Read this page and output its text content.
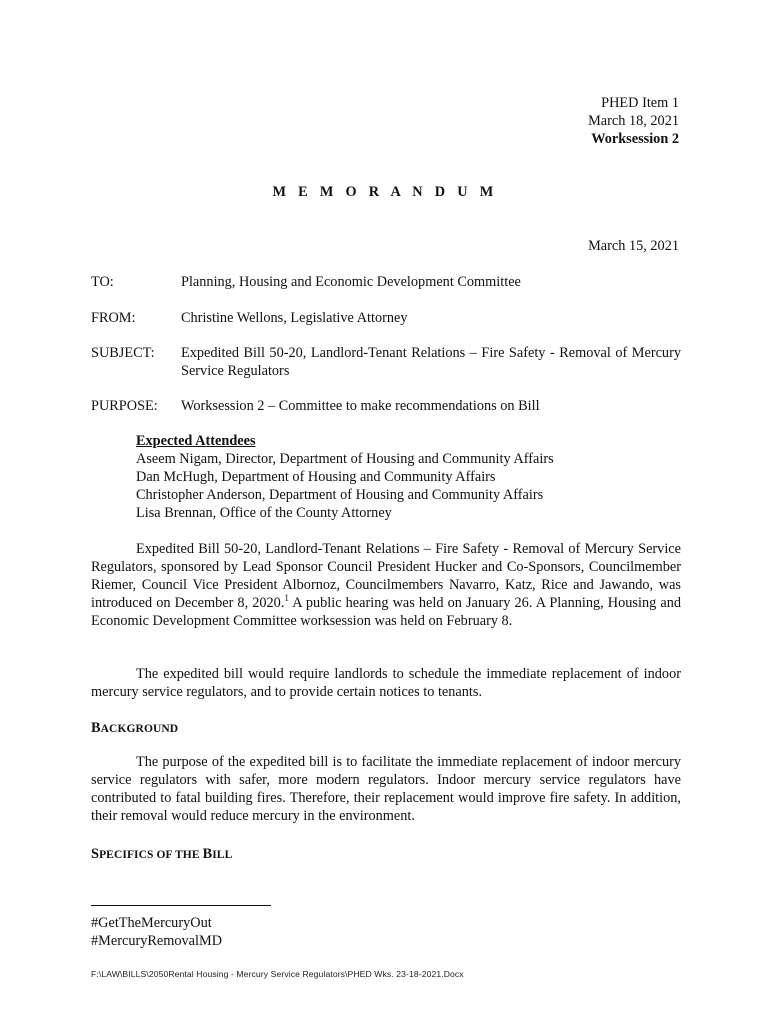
PHED Item 1
March 18, 2021
Worksession 2
M E M O R A N D U M
March 15, 2021
TO:	Planning, Housing and Economic Development Committee
FROM:	Christine Wellons, Legislative Attorney
SUBJECT: Expedited Bill 50-20, Landlord-Tenant Relations – Fire Safety - Removal of Mercury Service Regulators
PURPOSE: Worksession 2 – Committee to make recommendations on Bill
Expected Attendees
Aseem Nigam, Director, Department of Housing and Community Affairs
Dan McHugh, Department of Housing and Community Affairs
Christopher Anderson, Department of Housing and Community Affairs
Lisa Brennan, Office of the County Attorney
Expedited Bill 50-20, Landlord-Tenant Relations – Fire Safety - Removal of Mercury Service Regulators, sponsored by Lead Sponsor Council President Hucker and Co-Sponsors, Councilmember Riemer, Council Vice President Albornoz, Councilmembers Navarro, Katz, Rice and Jawando, was introduced on December 8, 2020.$^1$ A public hearing was held on January 26. A Planning, Housing and Economic Development Committee worksession was held on February 8.
The expedited bill would require landlords to schedule the immediate replacement of indoor mercury service regulators, and to provide certain notices to tenants.
BACKGROUND
The purpose of the expedited bill is to facilitate the immediate replacement of indoor mercury service regulators with safer, more modern regulators. Indoor mercury service regulators have contributed to fatal building fires. Therefore, their replacement would improve fire safety. In addition, their removal would reduce mercury in the environment.
SPECIFICS OF THE BILL
#GetTheMercuryOut
#MercuryRemovalMD
F:\LAW\BILLS\2050Rental Housing - Mercury Service Regulators\PHED Wks. 23-18-2021.Docx
